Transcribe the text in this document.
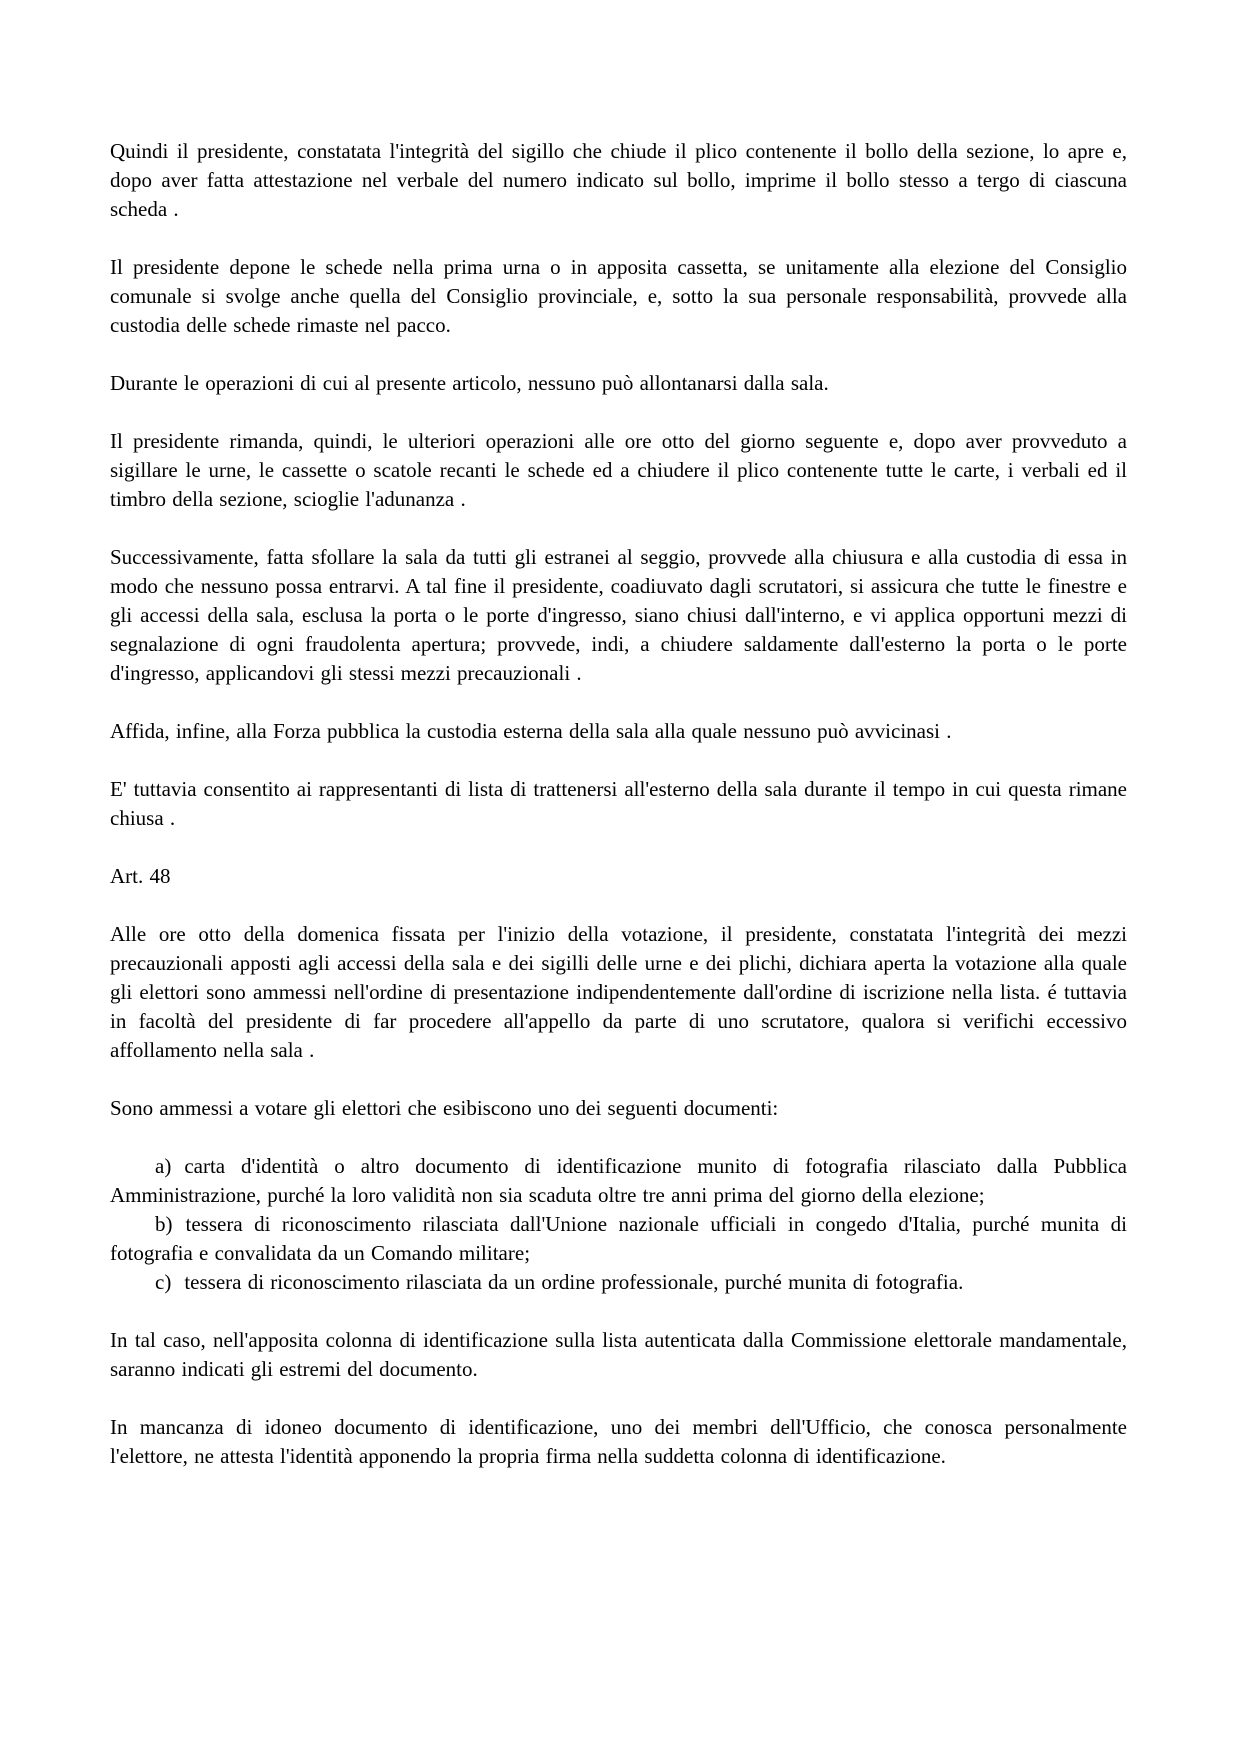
Quindi il presidente, constatata l'integrità del sigillo che chiude il plico contenente il bollo della sezione, lo apre e, dopo aver fatta attestazione nel verbale del numero indicato sul bollo, imprime il bollo stesso a tergo di ciascuna scheda .

Il presidente depone le schede nella prima urna o in apposita cassetta, se unitamente alla elezione del Consiglio comunale si svolge anche quella del Consiglio provinciale, e, sotto la sua personale responsabilità, provvede alla custodia delle schede rimaste nel pacco.

Durante le operazioni di cui al presente articolo, nessuno può allontanarsi dalla sala.

Il presidente rimanda, quindi, le ulteriori operazioni alle ore otto del giorno seguente e, dopo aver provveduto a sigillare le urne, le cassette o scatole recanti le schede ed a chiudere il plico contenente tutte le carte, i verbali ed il timbro della sezione, scioglie l'adunanza .

Successivamente, fatta sfollare la sala da tutti gli estranei al seggio, provvede alla chiusura e alla custodia di essa in modo che nessuno possa entrarvi. A tal fine il presidente, coadiuvato dagli scrutatori, si assicura che tutte le finestre e gli accessi della sala, esclusa la porta o le porte d'ingresso, siano chiusi dall'interno, e vi applica opportuni mezzi di segnalazione di ogni fraudolenta apertura; provvede, indi, a chiudere saldamente dall'esterno la porta o le porte d'ingresso, applicandovi gli stessi mezzi precauzionali .

Affida, infine, alla Forza pubblica la custodia esterna della sala alla quale nessuno può avvicinasi .

E' tuttavia consentito ai rappresentanti di lista di trattenersi all'esterno della sala durante il tempo in cui questa rimane chiusa .

Art. 48

Alle ore otto della domenica fissata per l'inizio della votazione, il presidente, constatata l'integrità dei mezzi precauzionali apposti agli accessi della sala e dei sigilli delle urne e dei plichi, dichiara aperta la votazione alla quale gli elettori sono ammessi nell'ordine di presentazione indipendentemente dall'ordine di iscrizione nella lista. é tuttavia in facoltà del presidente di far procedere all'appello da parte di uno scrutatore, qualora si verifichi eccessivo affollamento nella sala .

Sono ammessi a votare gli elettori che esibiscono uno dei seguenti documenti:

a) carta d'identità o altro documento di identificazione munito di fotografia rilasciato dalla Pubblica Amministrazione, purché la loro validità non sia scaduta oltre tre anni prima del giorno della elezione;

b) tessera di riconoscimento rilasciata dall'Unione nazionale ufficiali in congedo d'Italia, purché munita di fotografia e convalidata da un Comando militare;

c) tessera di riconoscimento rilasciata da un ordine professionale, purché munita di fotografia.

In tal caso, nell'apposita colonna di identificazione sulla lista autenticata dalla Commissione elettorale mandamentale, saranno indicati gli estremi del documento.

In mancanza di idoneo documento di identificazione, uno dei membri dell'Ufficio, che conosca personalmente l'elettore, ne attesta l'identità apponendo la propria firma nella suddetta colonna di identificazione.
